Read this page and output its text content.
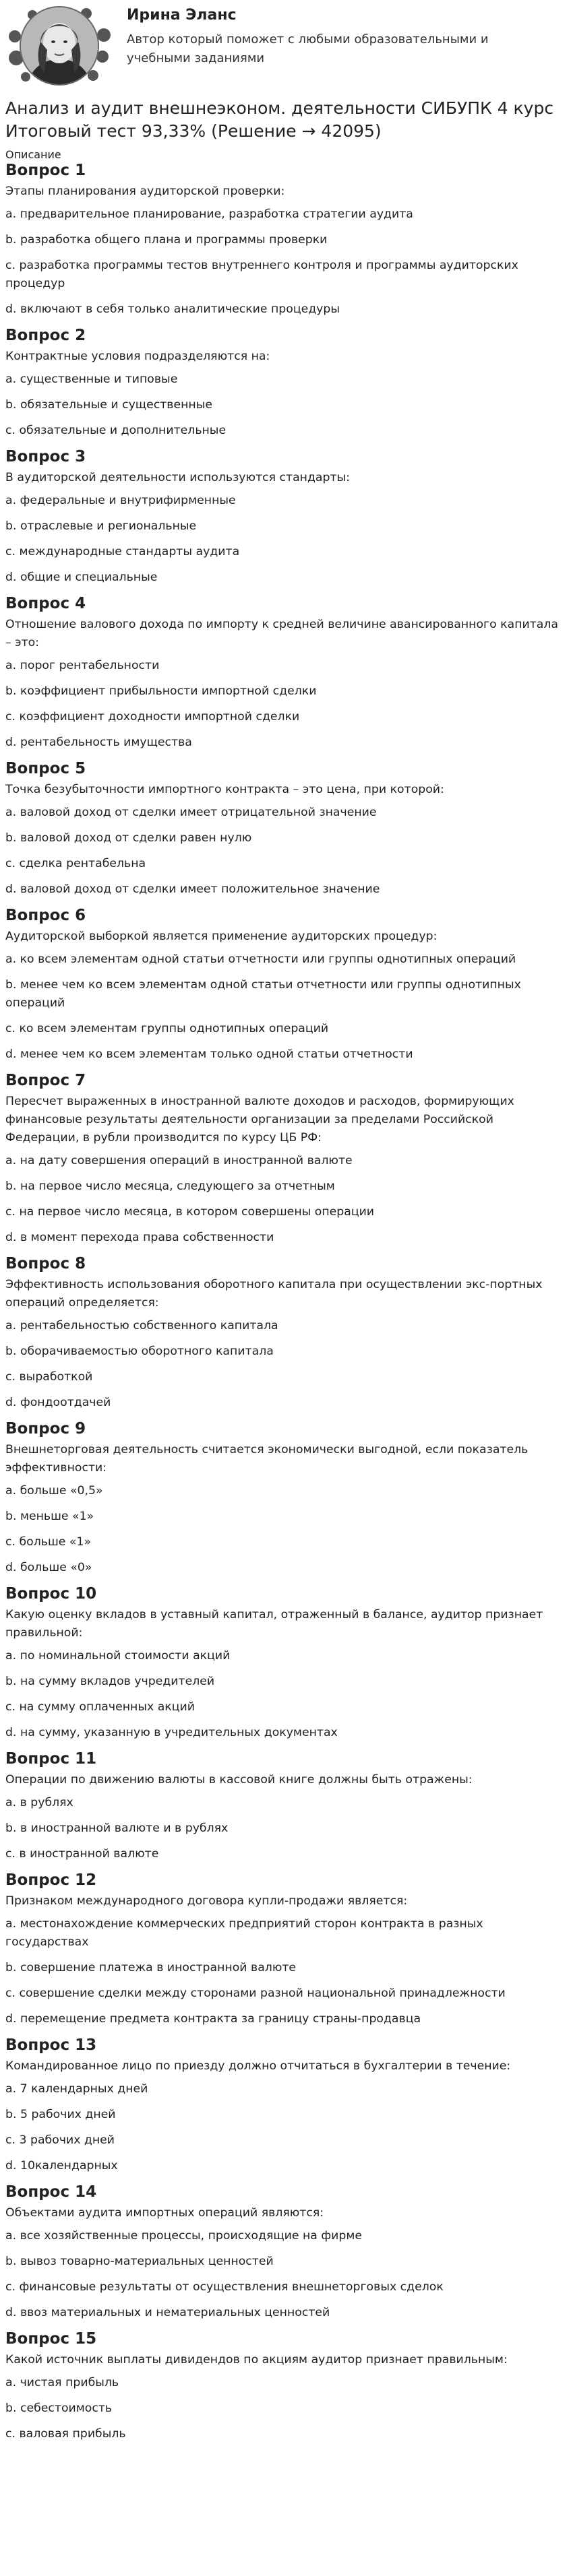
Ирина Эланс

Автор который поможет с любыми образовательными и учебными заданиями

Анализ и аудит внешнеэконом. деятельности СИБУПК 4 курс Итоговый тест 93,33% (Решение → 42095)

Описание

Вопрос 1

Этапы планирования аудиторской проверки:

a. предварительное планирование, разработка стратегии аудита

b. разработка общего плана и программы проверки

c. разработка программы тестов внутреннего контроля и программы аудиторских процедур

d. включают в себя только аналитические процедуры

Вопрос 2

Контрактные условия подразделяются на:

a. существенные и типовые

b. обязательные и существенные

c. обязательные и дополнительные

Вопрос 3

В аудиторской деятельности используются стандарты:

a. федеральные и внутрифирменные

b. отраслевые и региональные

c. международные стандарты аудита

d. общие и специальные

Вопрос 4

Отношение валового дохода по импорту к средней величине авансированного капитала – это:

a. порог рентабельности

b. коэффициент прибыльности импортной сделки

c. коэффициент доходности импортной сделки

d. рентабельность имущества

Вопрос 5

Точка безубыточности импортного контракта – это цена, при которой:

a. валовой доход от сделки имеет отрицательной значение

b. валовой доход от сделки равен нулю

c. сделка рентабельна

d. валовой доход от сделки имеет положительное значение

Вопрос 6

Аудиторской выборкой является применение аудиторских процедур:

a. ко всем элементам одной статьи отчетности или группы однотипных операций

b. менее чем ко всем элементам одной статьи отчетности или группы однотипных операций

c. ко всем элементам группы однотипных операций

d. менее чем ко всем элементам только одной статьи отчетности

Вопрос 7

Пересчет выраженных в иностранной валюте доходов и расходов, формирующих финансовые результаты деятельности организации за пределами Российской Федерации, в рубли производится по курсу ЦБ РФ:

a. на дату совершения операций в иностранной валюте

b. на первое число месяца, следующего за отчетным

c. на первое число месяца, в котором совершены операции

d. в момент перехода права собственности

Вопрос 8

Эффективность использования оборотного капитала при осуществлении экс-портных операций определяется:

a. рентабельностью собственного капитала

b. оборачиваемостью оборотного капитала

c. выработкой

d. фондоотдачей

Вопрос 9

Внешнеторговая деятельность считается экономически выгодной, если показатель эффективности:

a. больше «0,5»

b. меньше «1»

c. больше «1»

d. больше «0»

Вопрос 10

Какую оценку вкладов в уставный капитал, отраженный в балансе, аудитор признает правильной:

a. по номинальной стоимости акций

b. на сумму вкладов учредителей

c. на сумму оплаченных акций

d. на сумму, указанную в учредительных документах

Вопрос 11

Операции по движению валюты в кассовой книге должны быть отражены:

a. в рублях

b. в иностранной валюте и в рублях

c. в иностранной валюте

Вопрос 12

Признаком международного договора купли-продажи является:

a. местонахождение коммерческих предприятий сторон контракта в разных государствах

b. совершение платежа в иностранной валюте

c. совершение сделки между сторонами разной национальной принадлежности

d. перемещение предмета контракта за границу страны-продавца

Вопрос 13

Командированное лицо по приезду должно отчитаться в бухгалтерии в течение:

a. 7 календарных дней

b. 5 рабочих дней

c. 3 рабочих дней

d. 10календарных

Вопрос 14

Объектами аудита импортных операций являются:

a. все хозяйственные процессы, происходящие на фирме

b. вывоз товарно-материальных ценностей

c. финансовые результаты от осуществления внешнеторговых сделок

d. ввоз материальных и нематериальных ценностей

Вопрос 15

Какой источник выплаты дивидендов по акциям аудитор признает правильным:

a. чистая прибыль

b. себестоимость

c. валовая прибыль
